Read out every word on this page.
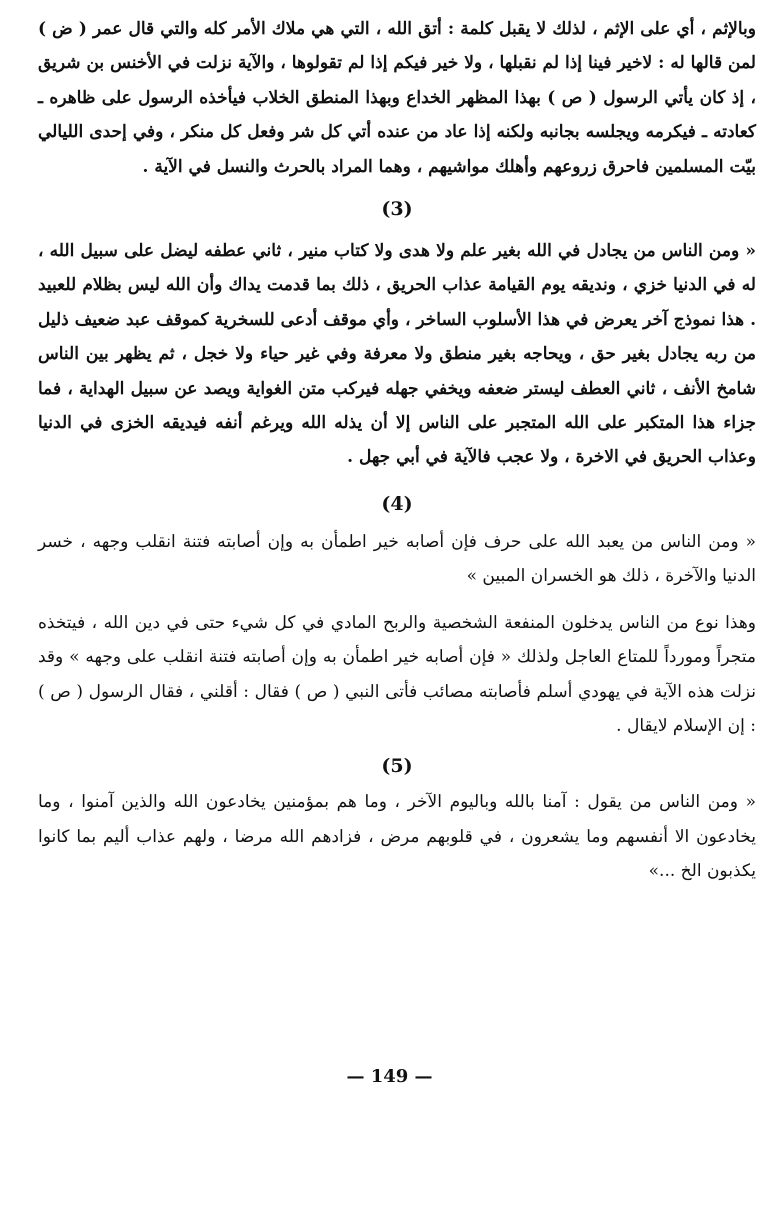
وبالإثم ، أي على الإثم ، لذلك لا يقبل كلمة : أتق الله ، التي هي ملاك الأمر كله والتي قال عمر ( ض ) لمن قالها له : لاخير فينا إذا لم نقبلها ، ولا خير فيكم إذا لم تقولوها ، والآية نزلت في الأخنس بن شريق ، إذ كان يأتي الرسول ( ص ) بهذا المظهر الخداع وبهذا المنطق الخلاب فيأخذه الرسول على ظاهره ـ كعادته ـ فيكرمه ويجلسه بجانبه ولكنه إذا عاد من عنده أتي كل شر وفعل كل منكر ، وفي إحدى الليالي بيّت المسلمين فاحرق زروعهم وأهلك مواشيهم ، وهما المراد بالحرث والنسل في الآية .

(3)

« ومن الناس من يجادل في الله بغير علم ولا هدى ولا كتاب منير ، ثاني عطفه ليضل على سبيل الله ، له في الدنيا خزي ، ونديقه يوم القيامة عذاب الحريق ، ذلك بما قدمت يداك وأن الله ليس بظلام للعبيد . هذا نموذج آخر يعرض في هذا الأسلوب الساخر ، وأي موقف أدعى للسخرية كموقف عبد ضعيف ذليل من ربه يجادل بغير حق ، ويحاجه بغير منطق ولا معرفة وفي غير حياء ولا خجل ، ثم يظهر بين الناس شامخ الأنف ، ثاني العطف ليستر ضعفه ويخفي جهله فيركب متن الغواية ويصد عن سبيل الهداية ، فما جزاء هذا المتكبر على الله المتجبر على الناس إلا أن يذله الله ويرغم أنفه فيديقه الخزى في الدنيا وعذاب الحريق في الاخرة ، ولا عجب فالآية في أبي جهل .

(4)

« ومن الناس من يعبد الله على حرف فإن أصابه خير اطمأن به وإن أصابته فتنة انقلب وجهه ، خسر الدنيا والآخرة ، ذلك هو الخسران المبين »

وهذا نوع من الناس يدخلون المنفعة الشخصية والربح المادي في كل شيء حتى في دين الله ، فيتخذه متجراً ومورداً للمتاع العاجل ولذلك « فإن أصابه خير اطمأن به وإن أصابته فتنة انقلب على وجهه » وقد نزلت هذه الآية في يهودي أسلم فأصابته مصائب فأتى النبي ( ص ) فقال : أقلني ، فقال الرسول ( ص ) : إن الإسلام لايقال .

(5)

« ومن الناس من يقول : آمنا بالله وباليوم الآخر ، وما هم بمؤمنين يخادعون الله والذين آمنوا ، وما يخادعون الا أنفسهم وما يشعرون ، في قلوبهم مرض ، فزادهم الله مرضا ، ولهم عذاب أليم بما كانوا يكذبون الخ ...»

— 149 —
